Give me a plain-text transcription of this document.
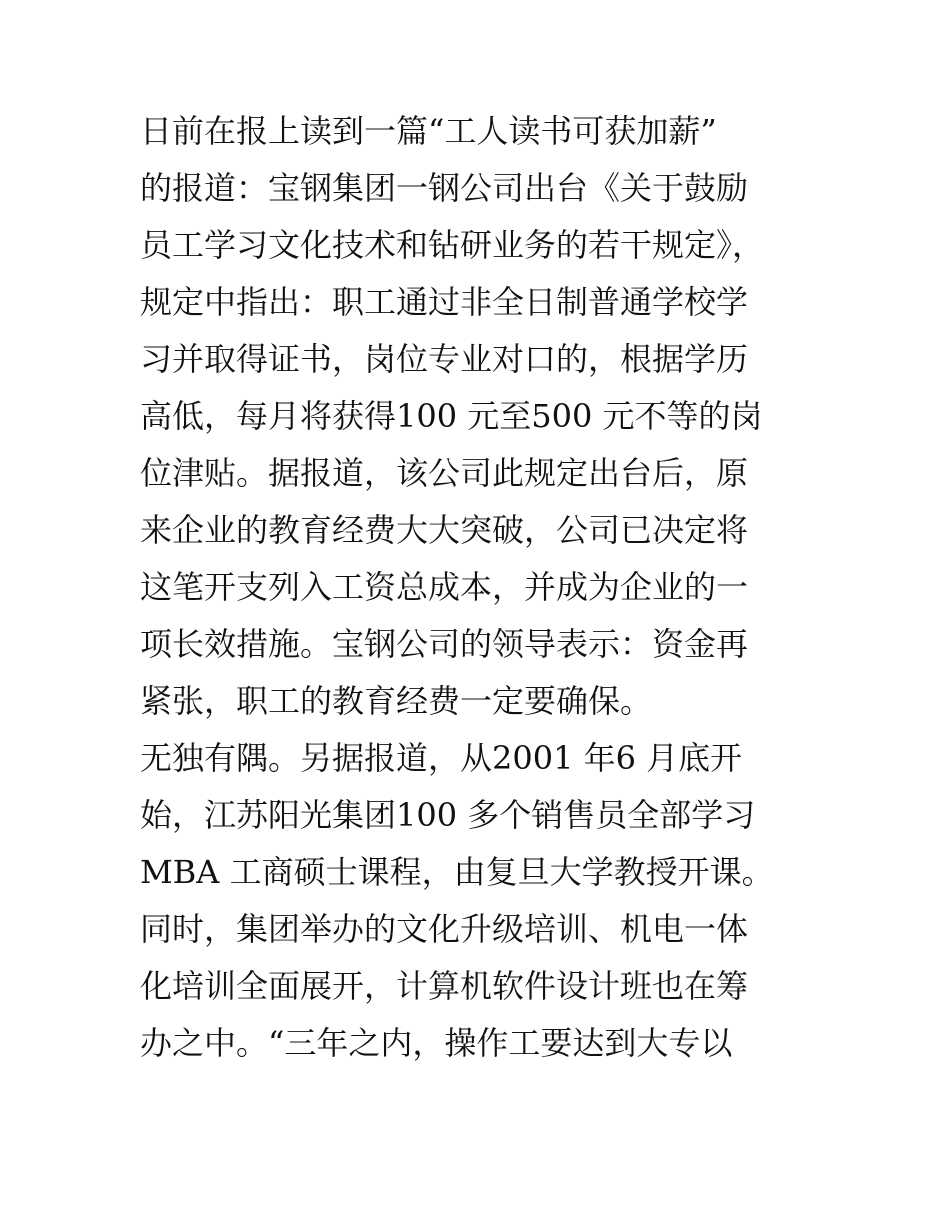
日前在报上读到一篇“工人读书可获加薪”
的报道：宝钢集团一钢公司出台《关于鼓励
员工学习文化技术和钻研业务的若干规定》，
规定中指出：职工通过非全日制普通学校学
习并取得证书，岗位专业对口的，根据学历
高低，每月将获得100 元至500 元不等的岗
位津贴。据报道，该公司此规定出台后，原
来企业的教育经费大大突破，公司已决定将
这笔开支列入工资总成本，并成为企业的一
项长效措施。宝钢公司的领导表示：资金再
紧张，职工的教育经费一定要确保。
无独有隅。另据报道，从2001 年6 月底开
始，江苏阳光集团100 多个销售员全部学习
MBA 工商硕士课程，由复旦大学教授开课。
同时，集团举办的文化升级培训、机电一体
化培训全面展开，计算机软件设计班也在筹
办之中。“三年之内，操作工要达到大专以
